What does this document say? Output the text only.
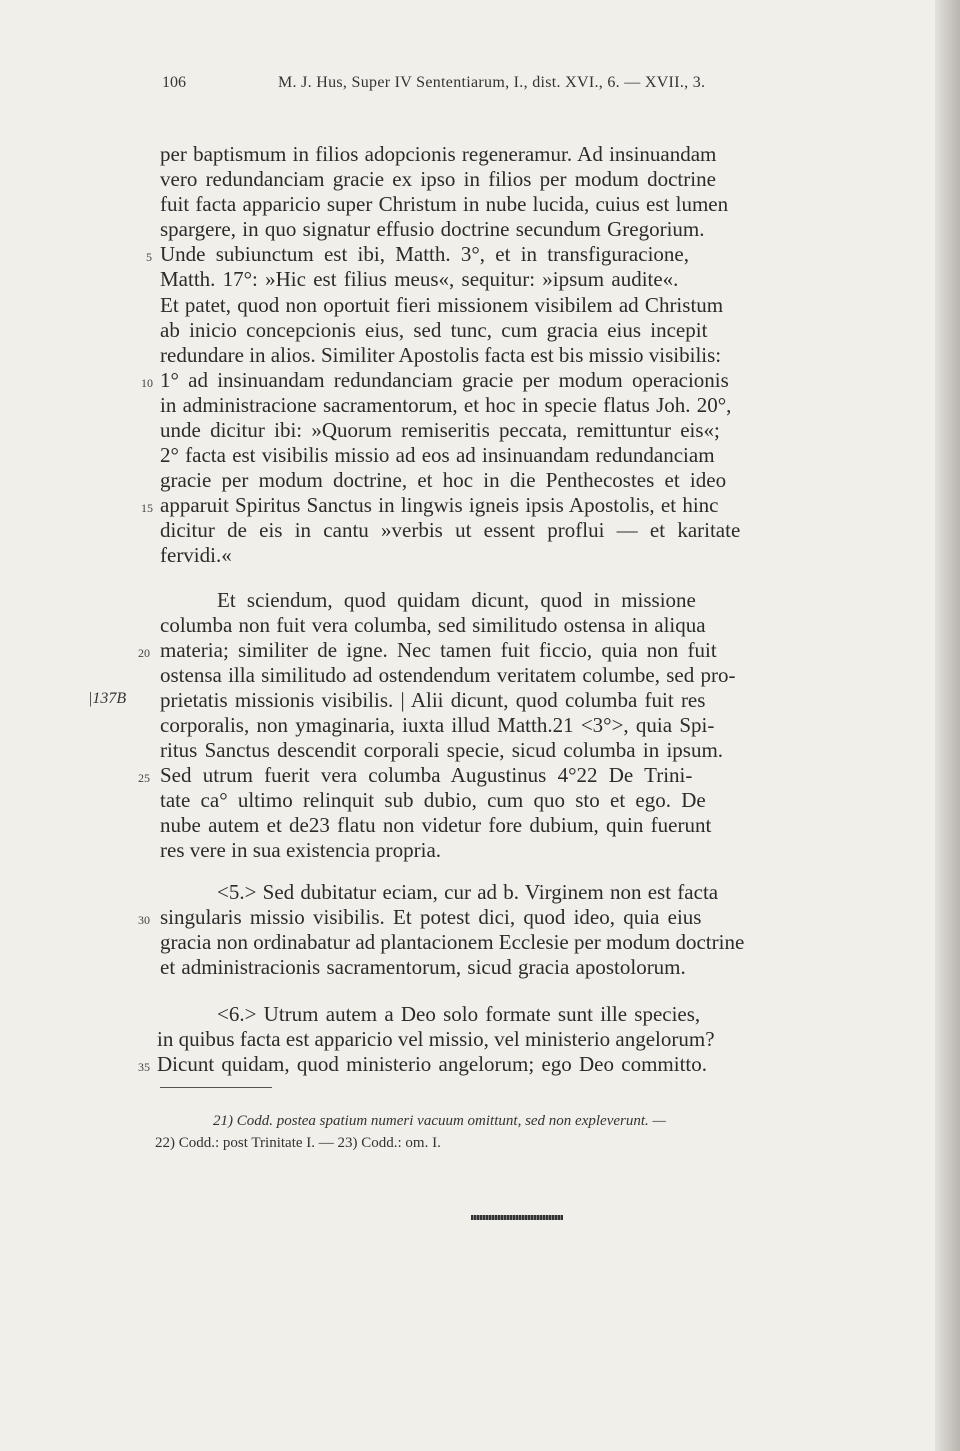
106	M. J. Hus, Super IV Sententiarum, I., dist. XVI., 6. — XVII., 3.
per baptismum in filios adopcionis regeneramur. Ad insinuandam
vero redundanciam gracie ex ipso in filios per modum doctrine
fuit facta apparicio super Christum in nube lucida, cuius est lumen
spargere, in quo signatur effusio doctrine secundum Gregorium.
Unde subiunctum est ibi, Matth. 3°, et in transfiguracione,
Matth. 17°: »Hic est filius meus«, sequitur: »ipsum audite«.
Et patet, quod non oportuit fieri missionem visibilem ad Christum
ab inicio concepcionis eius, sed tunc, cum gracia eius incepit
redundare in alios. Similiter Apostolis facta est bis missio visibilis:
1° ad insinuandam redundanciam gracie per modum operacionis
in administracione sacramentorum, et hoc in specie flatus Joh. 20°,
unde dicitur ibi: »Quorum remiseritis peccata, remittuntur eis«;
2° facta est visibilis missio ad eos ad insinuandam redundanciam
gracie per modum doctrine, et hoc in die Penthecostes et ideo
apparuit Spiritus Sanctus in lingwis igneis ipsis Apostolis, et hinc
dicitur de eis in cantu »verbis ut essent proflui — et karitate
fervidi.«
Et sciendum, quod quidam dicunt, quod in missione
columba non fuit vera columba, sed similitudo ostensa in aliqua
materia; similiter de igne. Nec tamen fuit ficcio, quia non fuit
ostensa illa similitudo ad ostendendum veritatem columbe, sed pro-
prietatis missionis visibilis. | Alii dicunt, quod columba fuit res
corporalis, non ymaginaria, iuxta illud Matth.21 <3°>, quia Spi-
ritus Sanctus descendit corporali specie, sicud columba in ipsum.
Sed utrum fuerit vera columba Augustinus 4°22 De Trini-
tate ca° ultimo relinquit sub dubio, cum quo sto et ego. De
nube autem et de23 flatu non videtur fore dubium, quin fuerunt
res vere in sua existencia propria.
<5.> Sed dubitatur eciam, cur ad b. Virginem non est facta
singularis missio visibilis. Et potest dici, quod ideo, quia eius
gracia non ordinabatur ad plantacionem Ecclesie per modum doctrine
et administracionis sacramentorum, sicud gracia apostolorum.
<6.> Utrum autem a Deo solo formate sunt ille species,
in quibus facta est apparicio vel missio, vel ministerio angelorum?
Dicunt quidam, quod ministerio angelorum; ego Deo committo.
5
10
15
20
25
30
35
|137B
21) Codd. postea spatium numeri vacuum omittunt, sed non expleverunt. —
22) Codd.: post Trinitate I. — 23) Codd.: om. I.
